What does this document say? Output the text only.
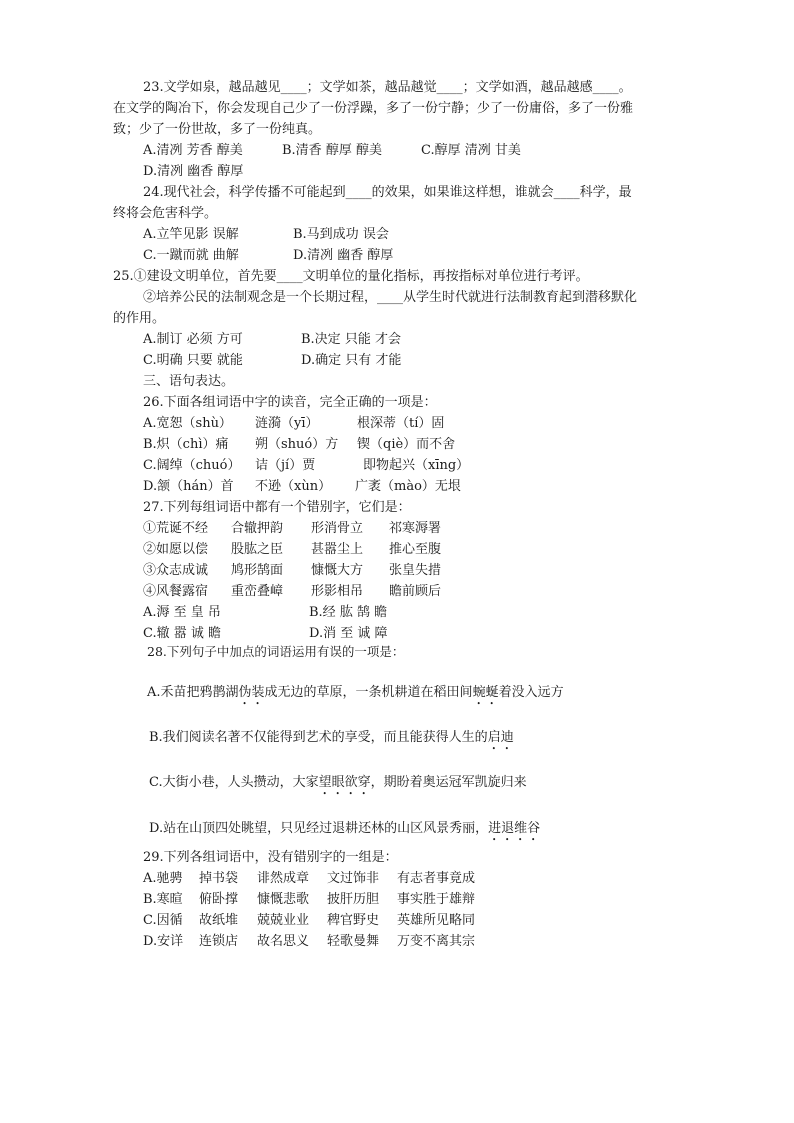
23.文学如泉，越品越见____；文学如茶，越品越觉____；文学如酒，越品越感____。
在文学的陶冶下，你会发现自己少了一份浮躁，多了一份宁静；少了一份庸俗，多了一份雅
致；少了一份世故，多了一份纯真。
A.清冽 芳香 醇美	B.清香 醇厚 醇美	C.醇厚 清冽 甘美
D.清冽 幽香 醇厚
24.现代社会，科学传播不可能起到____的效果，如果谁这样想，谁就会____科学，最
终将会危害科学。
A.立竿见影 误解	B.马到成功 误会
C.一蹴而就 曲解	D.清冽 幽香 醇厚
25.①建设文明单位，首先要____文明单位的量化指标，再按指标对单位进行考评。
②培养公民的法制观念是一个长期过程，____从学生时代就进行法制教育起到潜移默化
的作用。
A.制订 必须 方可	B.决定 只能 才会
C.明确 只要 就能	D.确定 只有 才能
三、语句表达。
26.下面各组词语中字的读音，完全正确的一项是：
A.宽恕（shù） 涟漪（yī）	根深蒂（tí）固
B.炽（chì）痛 朔（shuó）方 锲（qiè）而不舍
C.阔绰（chuó） 诘（jí）贾	即物起兴（xīng）
D.颔（hán）首 不逊（xùn） 广袤（mào）无垠
27.下列每组词语中都有一个错别字，它们是：
①荒诞不经 合辙押韵 形消骨立 祁寒溽署
②如愿以偿 股肱之臣 甚嚣尘上 推心至腹
③众志成诚 鸠形鹄面 慷慨大方 张皇失措
④风餐露宿 重峦叠嶂 形影相吊 瞻前顾后
A.溽 至 皇 吊	B.经 肱 鹄 瞻
C.辙 嚣 诚 瞻	D.消 至 诚 障
28.下列句子中加点的词语运用有误的一项是：
A.禾苗把鸦鹊湖伪装成无边的草原，一条机耕道在稻田间蜿蜒着没入远方
B.我们阅读名著不仅能得到艺术的享受，而且能获得人生的启迪
C.大街小巷，人头攒动，大家望眼欲穿，期盼着奥运冠军凯旋归来
D.站在山顶四处眺望，只见经过退耕还林的山区风景秀丽，进退维谷
29.下列各组词语中，没有错别字的一组是：
A.驰骋 掉书袋 诽然成章 文过饰非 有志者事竟成
B.寒暄 俯卧撑 慷慨悲歌 披肝历胆 事实胜于雄辩
C.因循 故纸堆 兢兢业业 稗官野史 英雄所见略同
D.安详 连锁店 故名思义 轻歌曼舞 万变不离其宗
